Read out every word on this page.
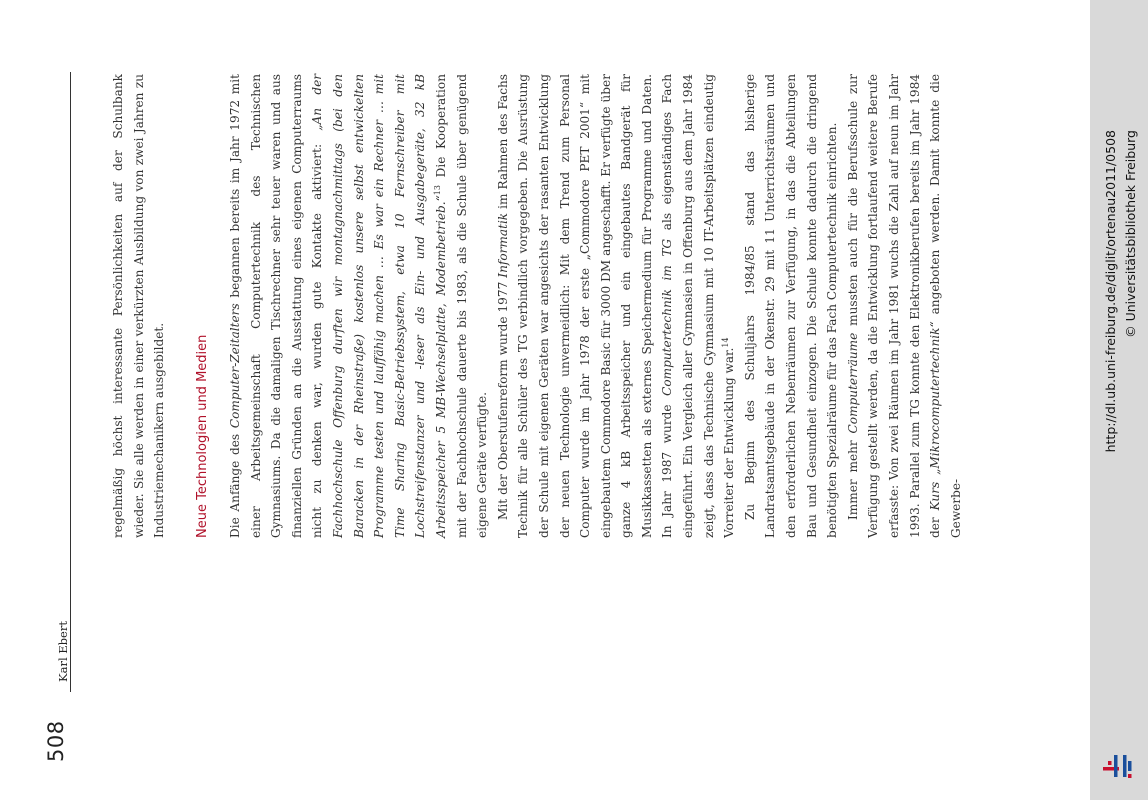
508
Karl Ebert

regelmäßig höchst interessante Persönlichkeiten auf der Schulbank wieder. Sie alle werden in einer verkürzten Ausbildung von zwei Jahren zu Industriemechanikern ausgebildet. Neue Technologien und Medien Die Anfänge des Computer-Zeitalters begannen bereits im Jahr 1972 mit einer Arbeitsgemeinschaft Computertechnik des Technischen Gymnasiums. Da die damaligen Tischrechner sehr teuer waren und aus finanziellen Gründen an die Ausstattung eines eigenen Computerraums nicht zu denken war, wurden gute Kontakte aktiviert: „An der Fachhochschule Offenburg durften wir montagnachmittags (bei den Baracken in der Rheinstraße) kostenlos unsere selbst entwickelten Programme testen und lauffähig machen … Es war ein Rechner … mit Time Sharing Basic-Betriebssystem, etwa 10 Fernschreiber mit Lochstreifenstanzer und -leser als Ein- und Ausgabegeräte, 32 kB Arbeitsspeicher 5 MB-Wechselplatte, Modembetrieb.“$^{13}$ Die Kooperation mit der Fachhochschule dauerte bis 1983, als die Schule über genügend eigene Geräte verfügte. Mit der Oberstufenreform wurde 1977 Informatik im Rahmen des Fachs Technik für alle Schüler des TG verbindlich vorgegeben. Die Ausrüstung der Schule mit eigenen Geräten war angesichts der rasanten Entwicklung der neuen Technologie unvermeidlich: Mit dem Trend zum Personal Computer wurde im Jahr 1978 der erste „Commodore PET 2001“ mit eingebautem Commodore Basic für 3000 DM angeschafft. Er verfügte über ganze 4 kB Arbeitsspeicher und ein eingebautes Bandgerät für Musikkassetten als externes Speichermedium für Programme und Daten. In Jahr 1987 wurde Computertechnik im TG als eigenständiges Fach eingeführt. Ein Vergleich aller Gymnasien in Offenburg aus dem Jahr 1984 zeigt, dass das Technische Gymnasium mit 10 IT-Arbeitsplätzen eindeutig Vorreiter der Entwicklung war.$^{14}$	Zu Beginn des Schuljahrs 1984/85 stand das bisherige Landratsamtsgebäude in der Okenstr. 29 mit 11 Unterrichtsräumen und den erforderlichen Nebenräumen zur Verfügung, in das die Abteilungen Bau und Gesundheit einzogen. Die Schule konnte dadurch die dringend benötigten Spezialräume für das Fach Computertechnik einrichten. Immer mehr Computerräume mussten auch für die Berufsschule zur Verfügung gestellt werden, da die Entwicklung fortlaufend weitere Berufe erfasste: Von zwei Räumen im Jahr 1981 wuchs die Zahl auf neun im Jahr 1993. Parallel zum TG konnte den Elektronikberufen bereits im Jahr 1984 der Kurs „Mikrocomputertechnik“ angeboten werden. Damit konnte die Gewerbe-

http://dl.ub.uni-freiburg.de/diglit/ortenau2011/0508 © Universitätsbibliothek Freiburg
